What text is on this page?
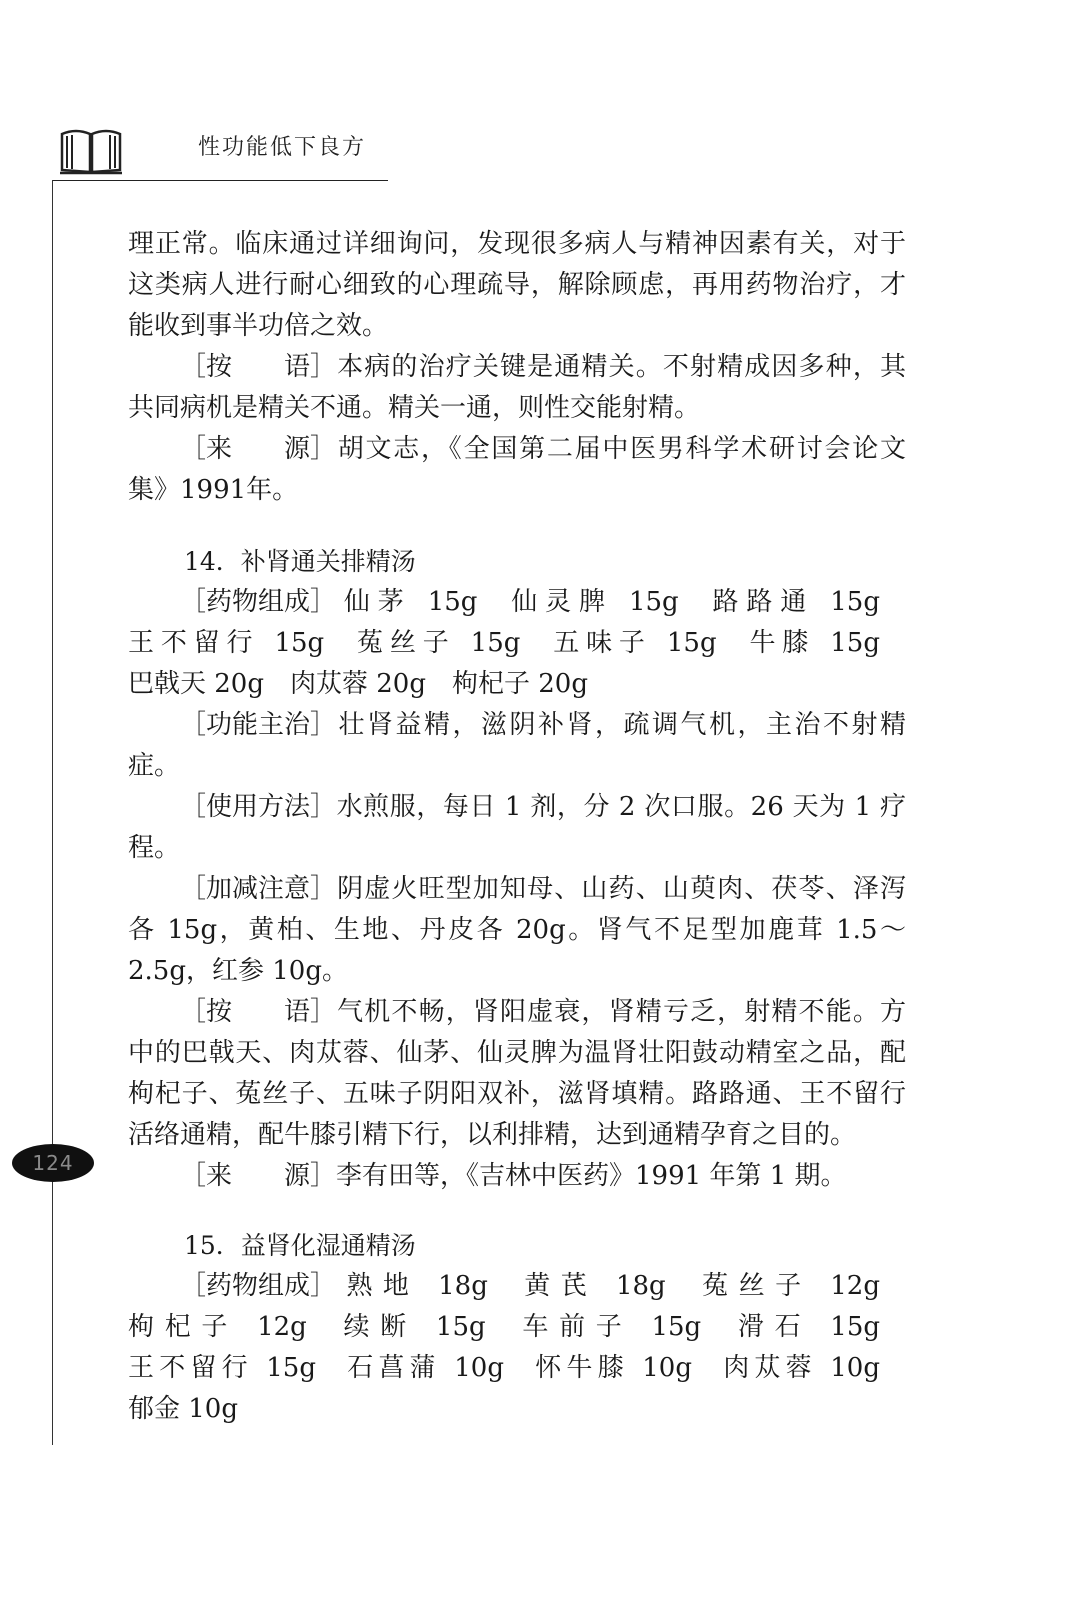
性功能低下良方
124

理正常。临床通过详细询问，发现很多病人与精神因素有关，对于这类病人进行耐心细致的心理疏导，解除顾虑，再用药物治疗，才能收到事半功倍之效。

［按　　语］本病的治疗关键是通精关。不射精成因多种，其共同病机是精关不通。精关一通，则性交能射精。

［来　　源］胡文志，《全国第二届中医男科学术研讨会论文集》1991年。

14．补肾通关排精汤

［药物组成］仙茅 15g 仙灵脾 15g 路路通 15g王不留行 15g 菟丝子 15g 五味子 15g 牛膝 15g巴戟天 20g 肉苁蓉 20g 枸杞子 20g

［功能主治］壮肾益精，滋阴补肾，疏调气机，主治不射精症。

［使用方法］水煎服，每日 1 剂，分 2 次口服。26 天为 1 疗程。

［加减注意］阴虚火旺型加知母、山药、山萸肉、茯苓、泽泻各 15g，黄柏、生地、丹皮各 20g。肾气不足型加鹿茸 1.5～2.5g，红参 10g。

［按　　语］气机不畅，肾阳虚衰，肾精亏乏，射精不能。方中的巴戟天、肉苁蓉、仙茅、仙灵脾为温肾壮阳鼓动精室之品，配枸杞子、菟丝子、五味子阴阳双补，滋肾填精。路路通、王不留行活络通精，配牛膝引精下行，以利排精，达到通精孕育之目的。

［来　　源］李有田等，《吉林中医药》1991 年第 1 期。

15．益肾化湿通精汤

［药物组成］熟地 18g 黄芪 18g 菟丝子 12g枸杞子 12g 续断 15g 车前子 15g 滑石 15g王不留行 15g 石菖蒲 10g 怀牛膝 10g 肉苁蓉 10g郁金 10g
